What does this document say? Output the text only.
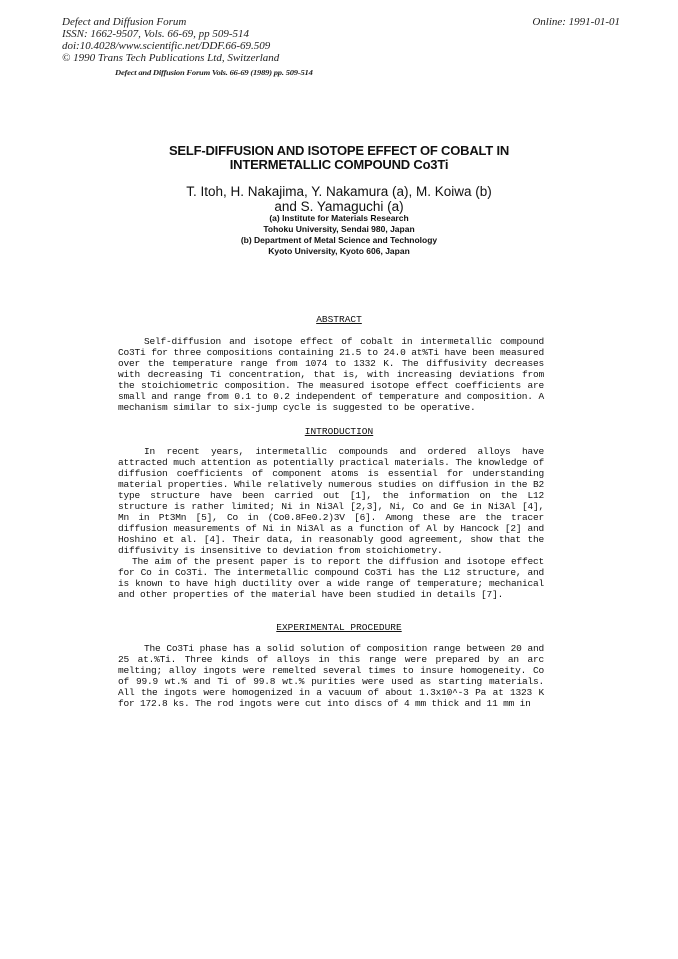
Defect and Diffusion Forum
ISSN: 1662-9507, Vols. 66-69, pp 509-514
doi:10.4028/www.scientific.net/DDF.66-69.509
© 1990 Trans Tech Publications Ltd, Switzerland
Online: 1991-01-01
Defect and Diffusion Forum Vols. 66-69 (1989) pp. 509-514
SELF-DIFFUSION AND ISOTOPE EFFECT OF COBALT IN
INTERMETALLIC COMPOUND Co3Ti
T. Itoh, H. Nakajima, Y. Nakamura (a), M. Koiwa (b)
and S. Yamaguchi (a)
(a) Institute for Materials Research
Tohoku University, Sendai 980, Japan
(b) Department of Metal Science and Technology
Kyoto University, Kyoto 606, Japan
ABSTRACT

Self-diffusion and isotope effect of cobalt in intermetallic compound Co3Ti for three compositions containing 21.5 to 24.0 at%Ti have been measured over the temperature range from 1074 to 1332 K. The diffusivity decreases with decreasing Ti concentration, that is, with increasing deviations from the stoichiometric composition. The measured isotope effect coefficients are small and range from 0.1 to 0.2 independent of temperature and composition. A mechanism similar to six-jump cycle is suggested to be operative.

INTRODUCTION

In recent years, intermetallic compounds and ordered alloys have attracted much attention as potentially practical materials. The knowledge of diffusion coefficients of component atoms is essential for understanding material properties. While relatively numerous studies on diffusion in the B2 type structure have been carried out [1], the information on the L12 structure is rather limited; Ni in Ni3Al [2,3], Ni, Co and Ge in Ni3Al [4], Mn in Pt3Mn [5], Co in (Co0.8Fe0.2)3V [6]. Among these are the tracer diffusion measurements of Ni in Ni3Al as a function of Al by Hancock [2] and Hoshino et al. [4]. Their data, in reasonably good agreement, show that the diffusivity is insensitive to deviation from stoichiometry.

The aim of the present paper is to report the diffusion and isotope effect for Co in Co3Ti. The intermetallic compound Co3Ti has the L12 structure, and is known to have high ductility over a wide range of temperature; mechanical and other properties of the material have been studied in details [7].

EXPERIMENTAL PROCEDURE

The Co3Ti phase has a solid solution of composition range between 20 and 25 at.%Ti. Three kinds of alloys in this range were prepared by an arc melting; alloy ingots were remelted several times to insure homogeneity. Co of 99.9 wt.% and Ti of 99.8 wt.% purities were used as starting materials. All the ingots were homogenized in a vacuum of about 1.3x10^-3 Pa at 1323 K for 172.8 ks. The rod ingots were cut into discs of 4 mm thick and 11 mm in
